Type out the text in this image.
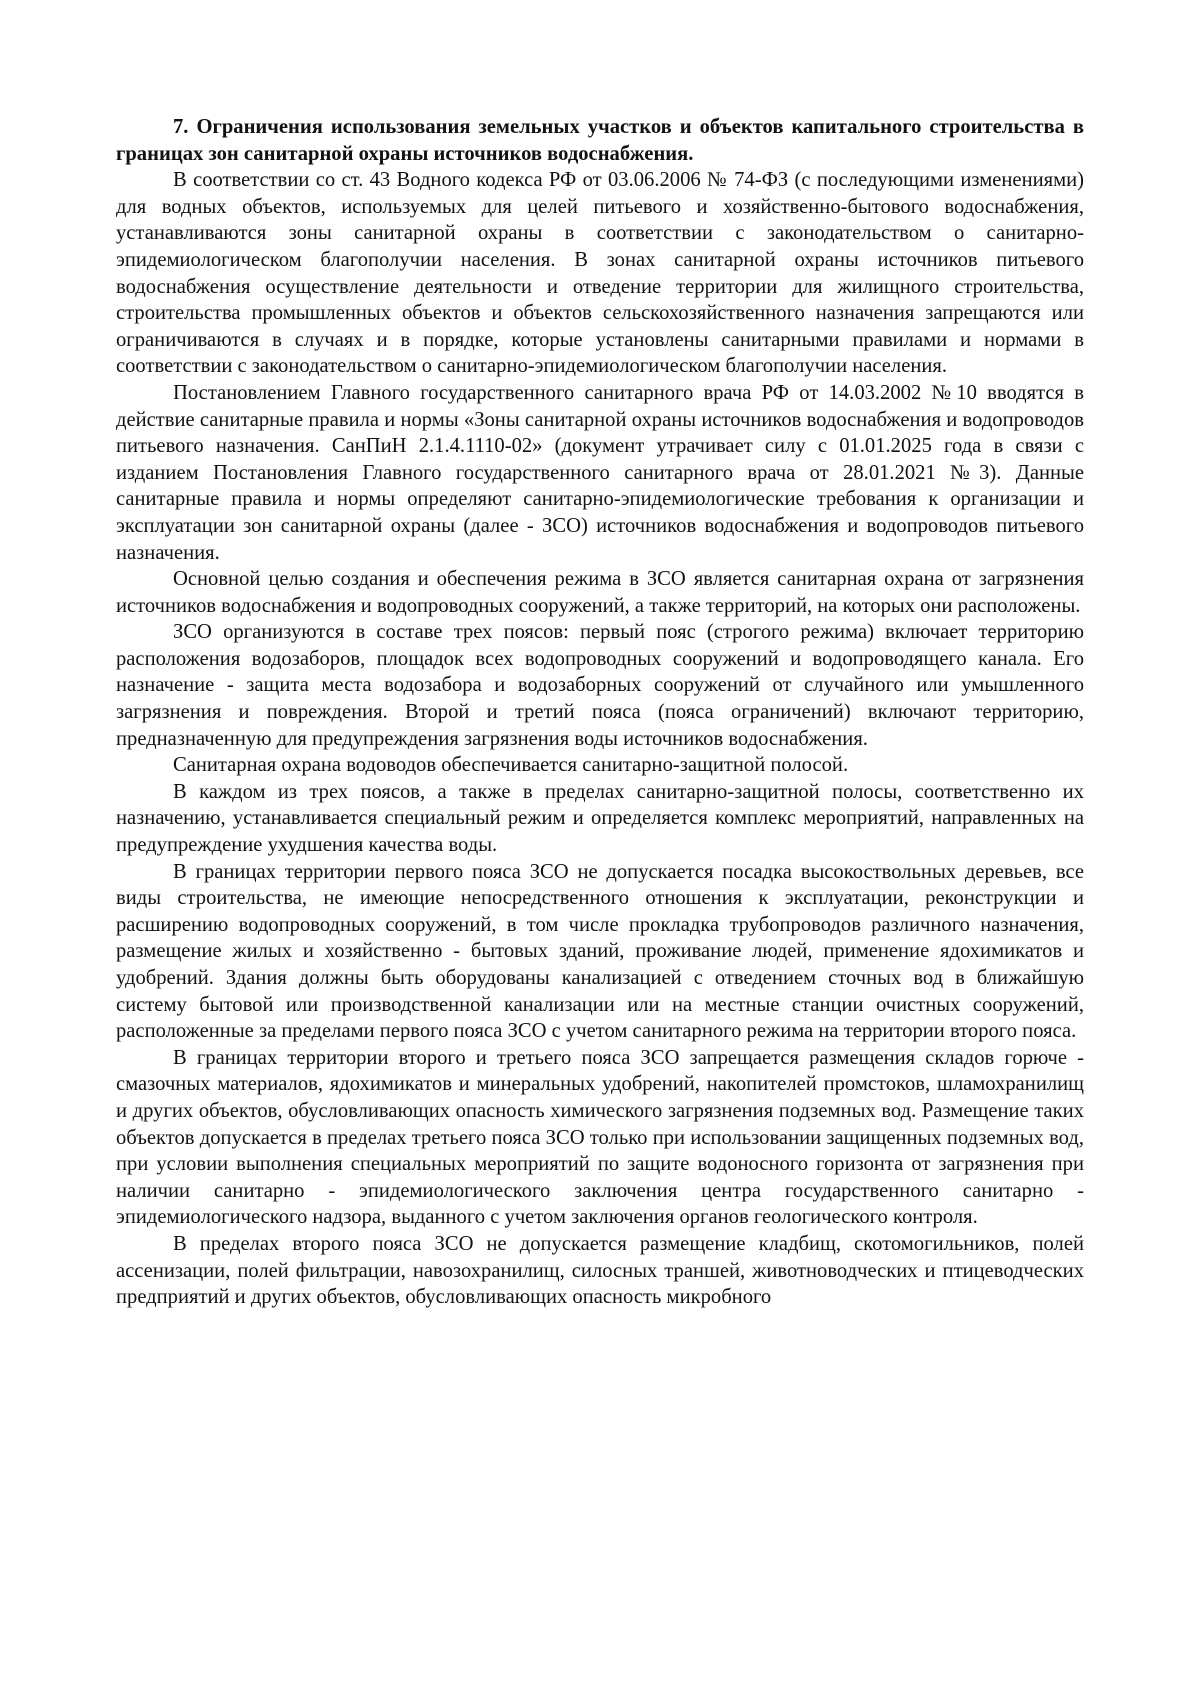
7. Ограничения использования земельных участков и объектов капитального строительства в границах зон санитарной охраны источников водоснабжения.

В соответствии со ст. 43 Водного кодекса РФ от 03.06.2006 № 74-ФЗ (с последующими изменениями) для водных объектов, используемых для целей питьевого и хозяйственно-бытового водоснабжения, устанавливаются зоны санитарной охраны в соответствии с законодательством о санитарно-эпидемиологическом благополучии населения. В зонах санитарной охраны источников питьевого водоснабжения осуществление деятельности и отведение территории для жилищного строительства, строительства промышленных объектов и объектов сельскохозяйственного назначения запрещаются или ограничиваются в случаях и в порядке, которые установлены санитарными правилами и нормами в соответствии с законодательством о санитарно-эпидемиологическом благополучии населения.

Постановлением Главного государственного санитарного врача РФ от 14.03.2002 №10 вводятся в действие санитарные правила и нормы «Зоны санитарной охраны источников водоснабжения и водопроводов питьевого назначения. СанПиН 2.1.4.1110-02» (документ утрачивает силу с 01.01.2025 года в связи с изданием Постановления Главного государственного санитарного врача от 28.01.2021 №3). Данные санитарные правила и нормы определяют санитарно-эпидемиологические требования к организации и эксплуатации зон санитарной охраны (далее - ЗСО) источников водоснабжения и водопроводов питьевого назначения.

Основной целью создания и обеспечения режима в ЗСО является санитарная охрана от загрязнения источников водоснабжения и водопроводных сооружений, а также территорий, на которых они расположены.

ЗСО организуются в составе трех поясов: первый пояс (строгого режима) включает территорию расположения водозаборов, площадок всех водопроводных сооружений и водопроводящего канала. Его назначение - защита места водозабора и водозаборных сооружений от случайного или умышленного загрязнения и повреждения. Второй и третий пояса (пояса ограничений) включают территорию, предназначенную для предупреждения загрязнения воды источников водоснабжения.

Санитарная охрана водоводов обеспечивается санитарно-защитной полосой.

В каждом из трех поясов, а также в пределах санитарно-защитной полосы, соответственно их назначению, устанавливается специальный режим и определяется комплекс мероприятий, направленных на предупреждение ухудшения качества воды.

В границах территории первого пояса ЗСО не допускается посадка высокоствольных деревьев, все виды строительства, не имеющие непосредственного отношения к эксплуатации, реконструкции и расширению водопроводных сооружений, в том числе прокладка трубопроводов различного назначения, размещение жилых и хозяйственно - бытовых зданий, проживание людей, применение ядохимикатов и удобрений. Здания должны быть оборудованы канализацией с отведением сточных вод в ближайшую систему бытовой или производственной канализации или на местные станции очистных сооружений, расположенные за пределами первого пояса ЗСО с учетом санитарного режима на территории второго пояса.

В границах территории второго и третьего пояса ЗСО запрещается размещения складов горюче - смазочных материалов, ядохимикатов и минеральных удобрений, накопителей промстоков, шламохранилищ и других объектов, обусловливающих опасность химического загрязнения подземных вод. Размещение таких объектов допускается в пределах третьего пояса ЗСО только при использовании защищенных подземных вод, при условии выполнения специальных мероприятий по защите водоносного горизонта от загрязнения при наличии санитарно - эпидемиологического заключения центра государственного санитарно - эпидемиологического надзора, выданного с учетом заключения органов геологического контроля.

В пределах второго пояса ЗСО не допускается размещение кладбищ, скотомогильников, полей ассенизации, полей фильтрации, навозохранилищ, силосных траншей, животноводческих и птицеводческих предприятий и других объектов, обусловливающих опасность микробного
